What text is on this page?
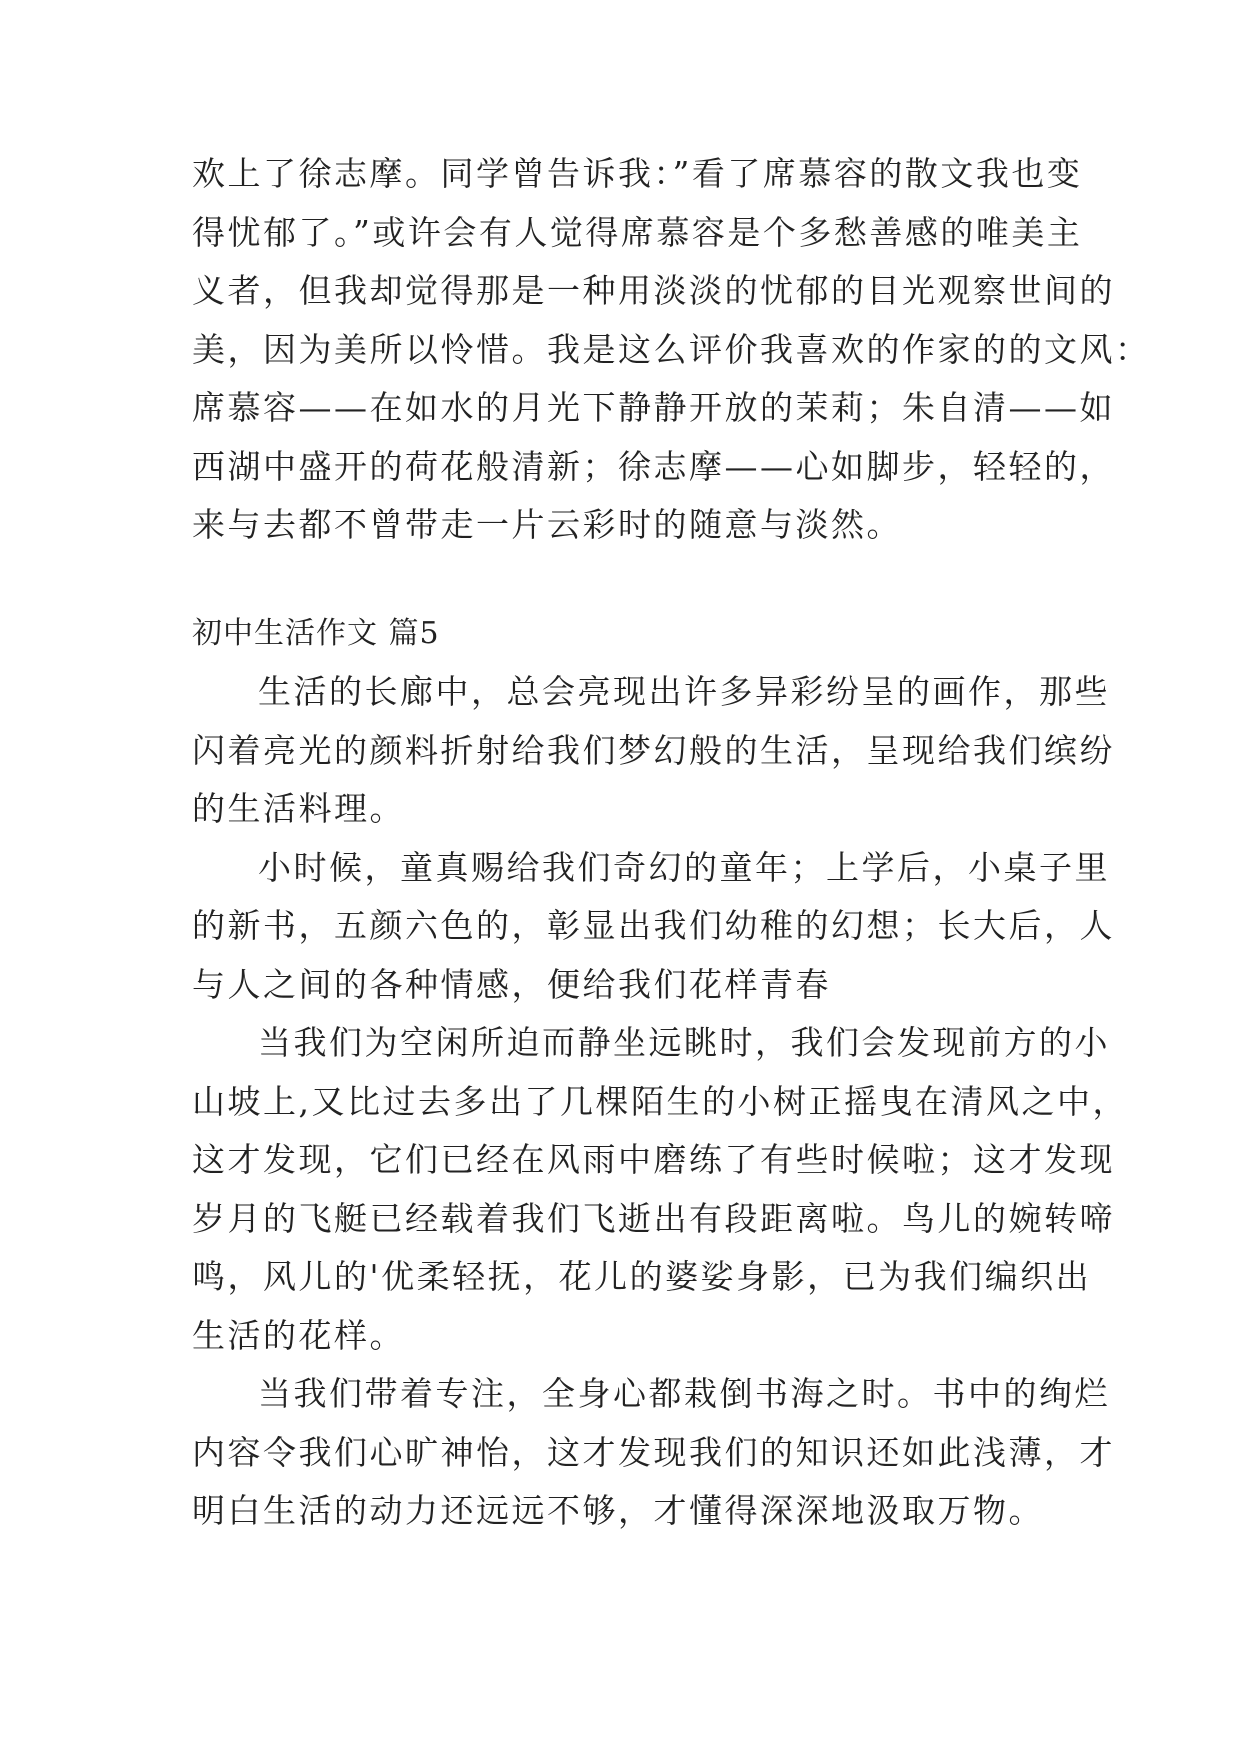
欢上了徐志摩。同学曾告诉我：”看了席慕容的散文我也变
得忧郁了。”或许会有人觉得席慕容是个多愁善感的唯美主
义者，但我却觉得那是一种用淡淡的忧郁的目光观察世间的
美，因为美所以怜惜。我是这么评价我喜欢的作家的的文风：
席慕容——在如水的月光下静静开放的茉莉；朱自清——如
西湖中盛开的荷花般清新；徐志摩——心如脚步，轻轻的，
来与去都不曾带走一片云彩时的随意与淡然。
初中生活作文 篇5
生活的长廊中，总会亮现出许多异彩纷呈的画作，那些
闪着亮光的颜料折射给我们梦幻般的生活，呈现给我们缤纷
的生活料理。
小时候，童真赐给我们奇幻的童年；上学后，小桌子里
的新书，五颜六色的，彰显出我们幼稚的幻想；长大后，人
与人之间的各种情感，便给我们花样青春
当我们为空闲所迫而静坐远眺时，我们会发现前方的小
山坡上,又比过去多出了几棵陌生的小树正摇曳在清风之中，
这才发现，它们已经在风雨中磨练了有些时候啦；这才发现
岁月的飞艇已经载着我们飞逝出有段距离啦。鸟儿的婉转啼
鸣，风儿的'优柔轻抚，花儿的婆娑身影，已为我们编织出
生活的花样。
当我们带着专注，全身心都栽倒书海之时。书中的绚烂
内容令我们心旷神怡，这才发现我们的知识还如此浅薄，才
明白生活的动力还远远不够，才懂得深深地汲取万物。
